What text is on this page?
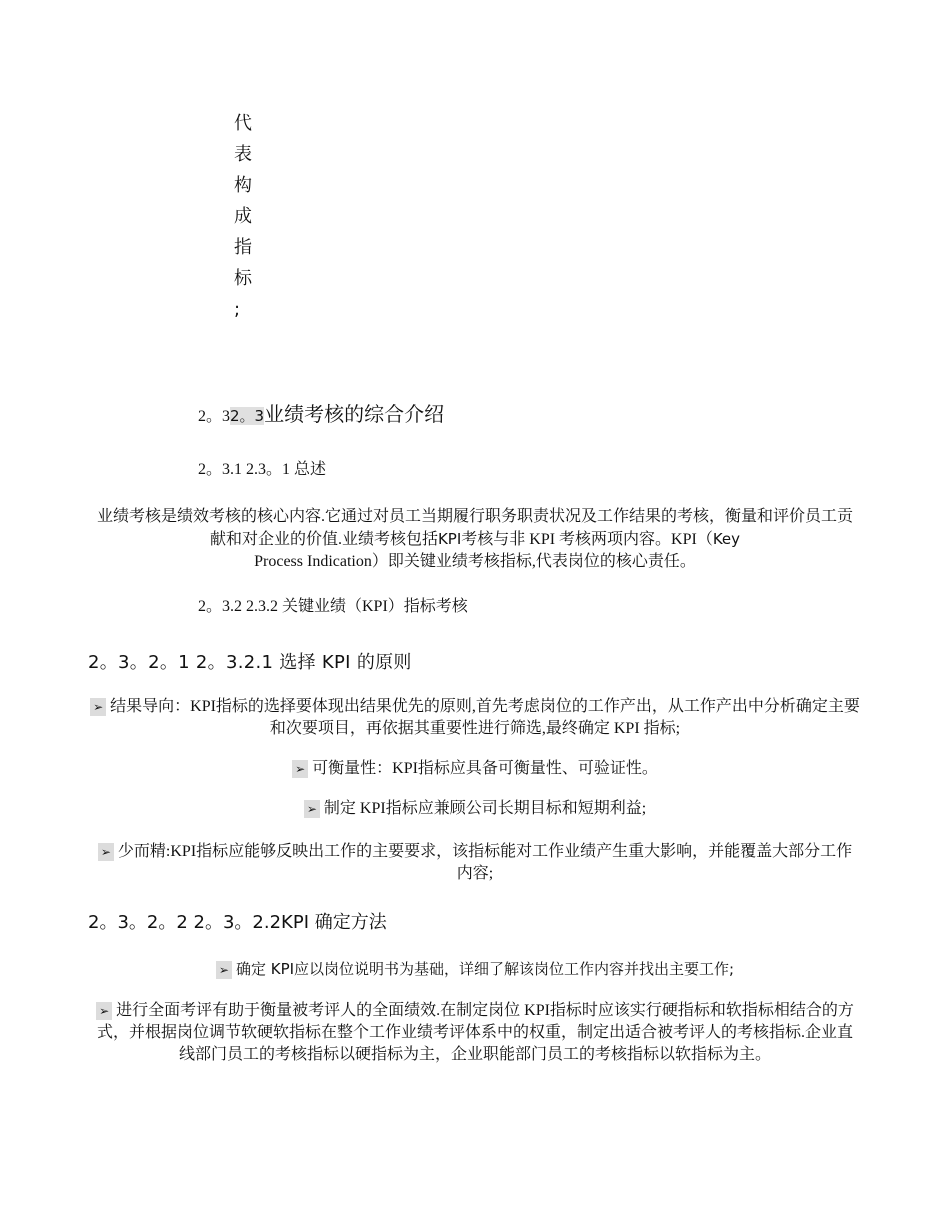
代
表
构
成
指
标
;
2。32。3业绩考核的综合介绍
2。3.1 2.3。1 总述
业绩考核是绩效考核的核心内容.它通过对员工当期履行职务职责状况及工作结果的考核，衡量和评价员工贡献和对企业的价值.业绩考核包括KPI考核与非 KPI 考核两项内容。KPI（Key
Process Indication）即关键业绩考核指标,代表岗位的核心责任。
2。3.2 2.3.2 关键业绩（KPI）指标考核
2。3。2。1 2。3.2.1 选择 KPI 的原则
➢ 结果导向：KPI指标的选择要体现出结果优先的原则,首先考虑岗位的工作产出，从工作产出中分析确定主要和次要项目，再依据其重要性进行筛选,最终确定 KPI 指标;
➢ 可衡量性：KPI指标应具备可衡量性、可验证性。
➢ 制定 KPI指标应兼顾公司长期目标和短期利益;
➢ 少而精:KPI指标应能够反映出工作的主要要求，该指标能对工作业绩产生重大影响，并能覆盖大部分工作内容;
2。3。2。2 2。3。2.2KPI 确定方法
➢ 确定 KPI应以岗位说明书为基础，详细了解该岗位工作内容并找出主要工作;
➢ 进行全面考评有助于衡量被考评人的全面绩效.在制定岗位 KPI指标时应该实行硬指标和软指标相结合的方式，并根据岗位调节软硬软指标在整个工作业绩考评体系中的权重，制定出适合被考评人的考核指标.企业直线部门员工的考核指标以硬指标为主，企业职能部门员工的考核指标以软指标为主。
